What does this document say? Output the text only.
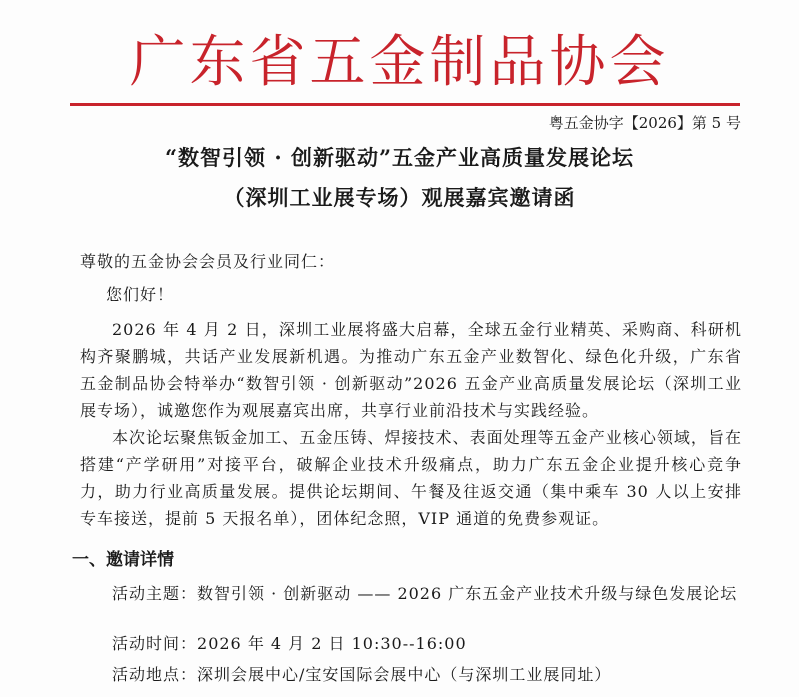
广东省五金制品协会
粤五金协字【2026】第 5 号
“数智引领 · 创新驱动”五金产业高质量发展论坛
（深圳工业展专场）观展嘉宾邀请函
尊敬的五金协会会员及行业同仁：
您们好！
2026 年 4 月 2 日，深圳工业展将盛大启幕，全球五金行业精英、采购商、科研机构齐聚鹏城，共话产业发展新机遇。为推动广东五金产业数智化、绿色化升级，广东省五金制品协会特举办“数智引领 · 创新驱动”2026 五金产业高质量发展论坛（深圳工业展专场），诚邀您作为观展嘉宾出席，共享行业前沿技术与实践经验。
本次论坛聚焦钣金加工、五金压铸、焊接技术、表面处理等五金产业核心领域，旨在搭建“产学研用”对接平台，破解企业技术升级痛点，助力广东五金企业提升核心竞争力，助力行业高质量发展。提供论坛期间、午餐及往返交通（集中乘车 30 人以上安排专车接送，提前 5 天报名单），团体纪念照，VIP 通道的免费参观证。
一、邀请详情
活动主题：数智引领 · 创新驱动 —— 2026 广东五金产业技术升级与绿色发展论坛
活动时间：2026 年 4 月 2 日 10:30--16:00
活动地点：深圳会展中心/宝安国际会展中心（与深圳工业展同址）
